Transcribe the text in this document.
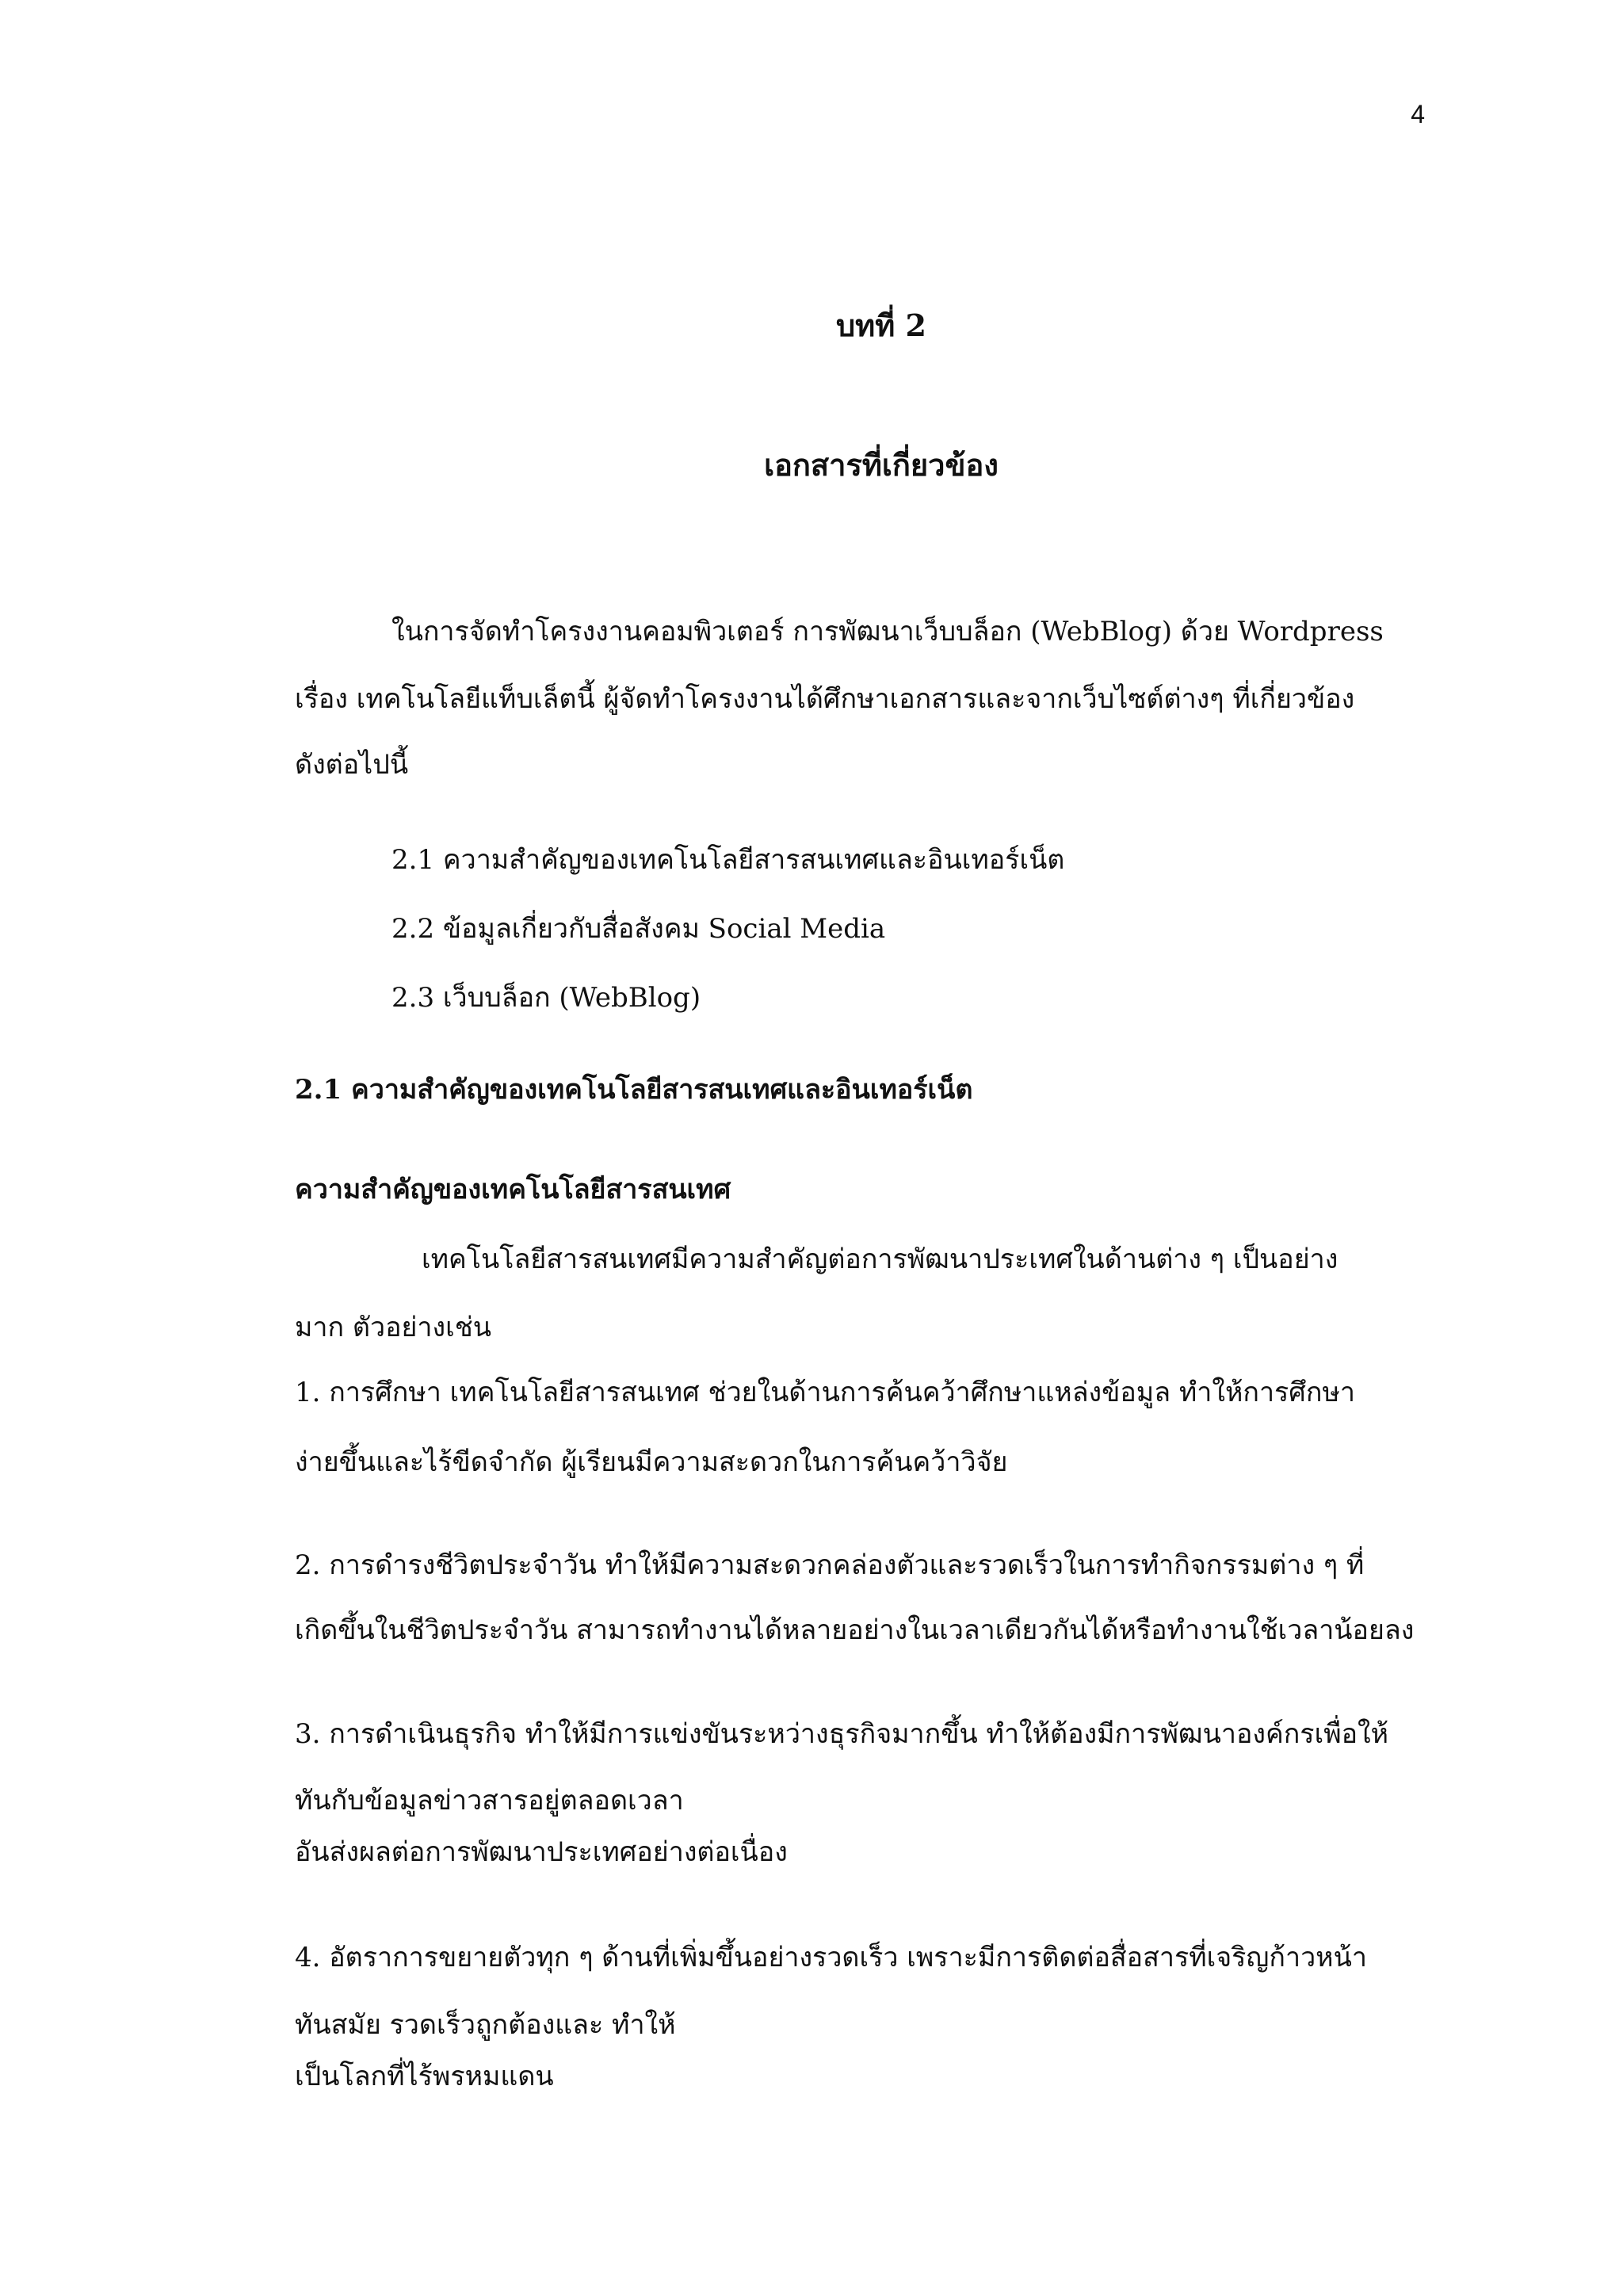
4
บทที่ 2
เอกสารที่เกี่ยวข้อง
ในการจัดทำโครงงานคอมพิวเตอร์ การพัฒนาเว็บบล็อก (WebBlog) ด้วย Wordpress
เรื่อง เทคโนโลยีแท็บเล็ตนี้ ผู้จัดทำโครงงานได้ศึกษาเอกสารและจากเว็บไซต์ต่างๆ ที่เกี่ยวข้อง
ดังต่อไปนี้
2.1 ความสำคัญของเทคโนโลยีสารสนเทศและอินเทอร์เน็ต
2.2 ข้อมูลเกี่ยวกับสื่อสังคม Social Media
2.3 เว็บบล็อก (WebBlog)
2.1 ความสำคัญของเทคโนโลยีสารสนเทศและอินเทอร์เน็ต
ความสำคัญของเทคโนโลยีสารสนเทศ
เทคโนโลยีสารสนเทศมีความสำคัญต่อการพัฒนาประเทศในด้านต่าง ๆ เป็นอย่าง
มาก ตัวอย่างเช่น
1. การศึกษา เทคโนโลยีสารสนเทศ ช่วยในด้านการค้นคว้าศึกษาแหล่งข้อมูล ทำให้การศึกษา
ง่ายขึ้นและไร้ขีดจำกัด ผู้เรียนมีความสะดวกในการค้นคว้าวิจัย
2. การดำรงชีวิตประจำวัน ทำให้มีความสะดวกคล่องตัวและรวดเร็วในการทำกิจกรรมต่าง ๆ ที่
เกิดขึ้นในชีวิตประจำวัน สามารถทำงานได้หลายอย่างในเวลาเดียวกันได้หรือทำงานใช้เวลาน้อยลง
3. การดำเนินธุรกิจ ทำให้มีการแข่งขันระหว่างธุรกิจมากขึ้น ทำให้ต้องมีการพัฒนาองค์กรเพื่อให้
ทันกับข้อมูลข่าวสารอยู่ตลอดเวลา
อันส่งผลต่อการพัฒนาประเทศอย่างต่อเนื่อง
4. อัตราการขยายตัวทุก ๆ ด้านที่เพิ่มขึ้นอย่างรวดเร็ว เพราะมีการติดต่อสื่อสารที่เจริญก้าวหน้า
ทันสมัย รวดเร็วถูกต้องและ ทำให้
เป็นโลกที่ไร้พรหมแดน
